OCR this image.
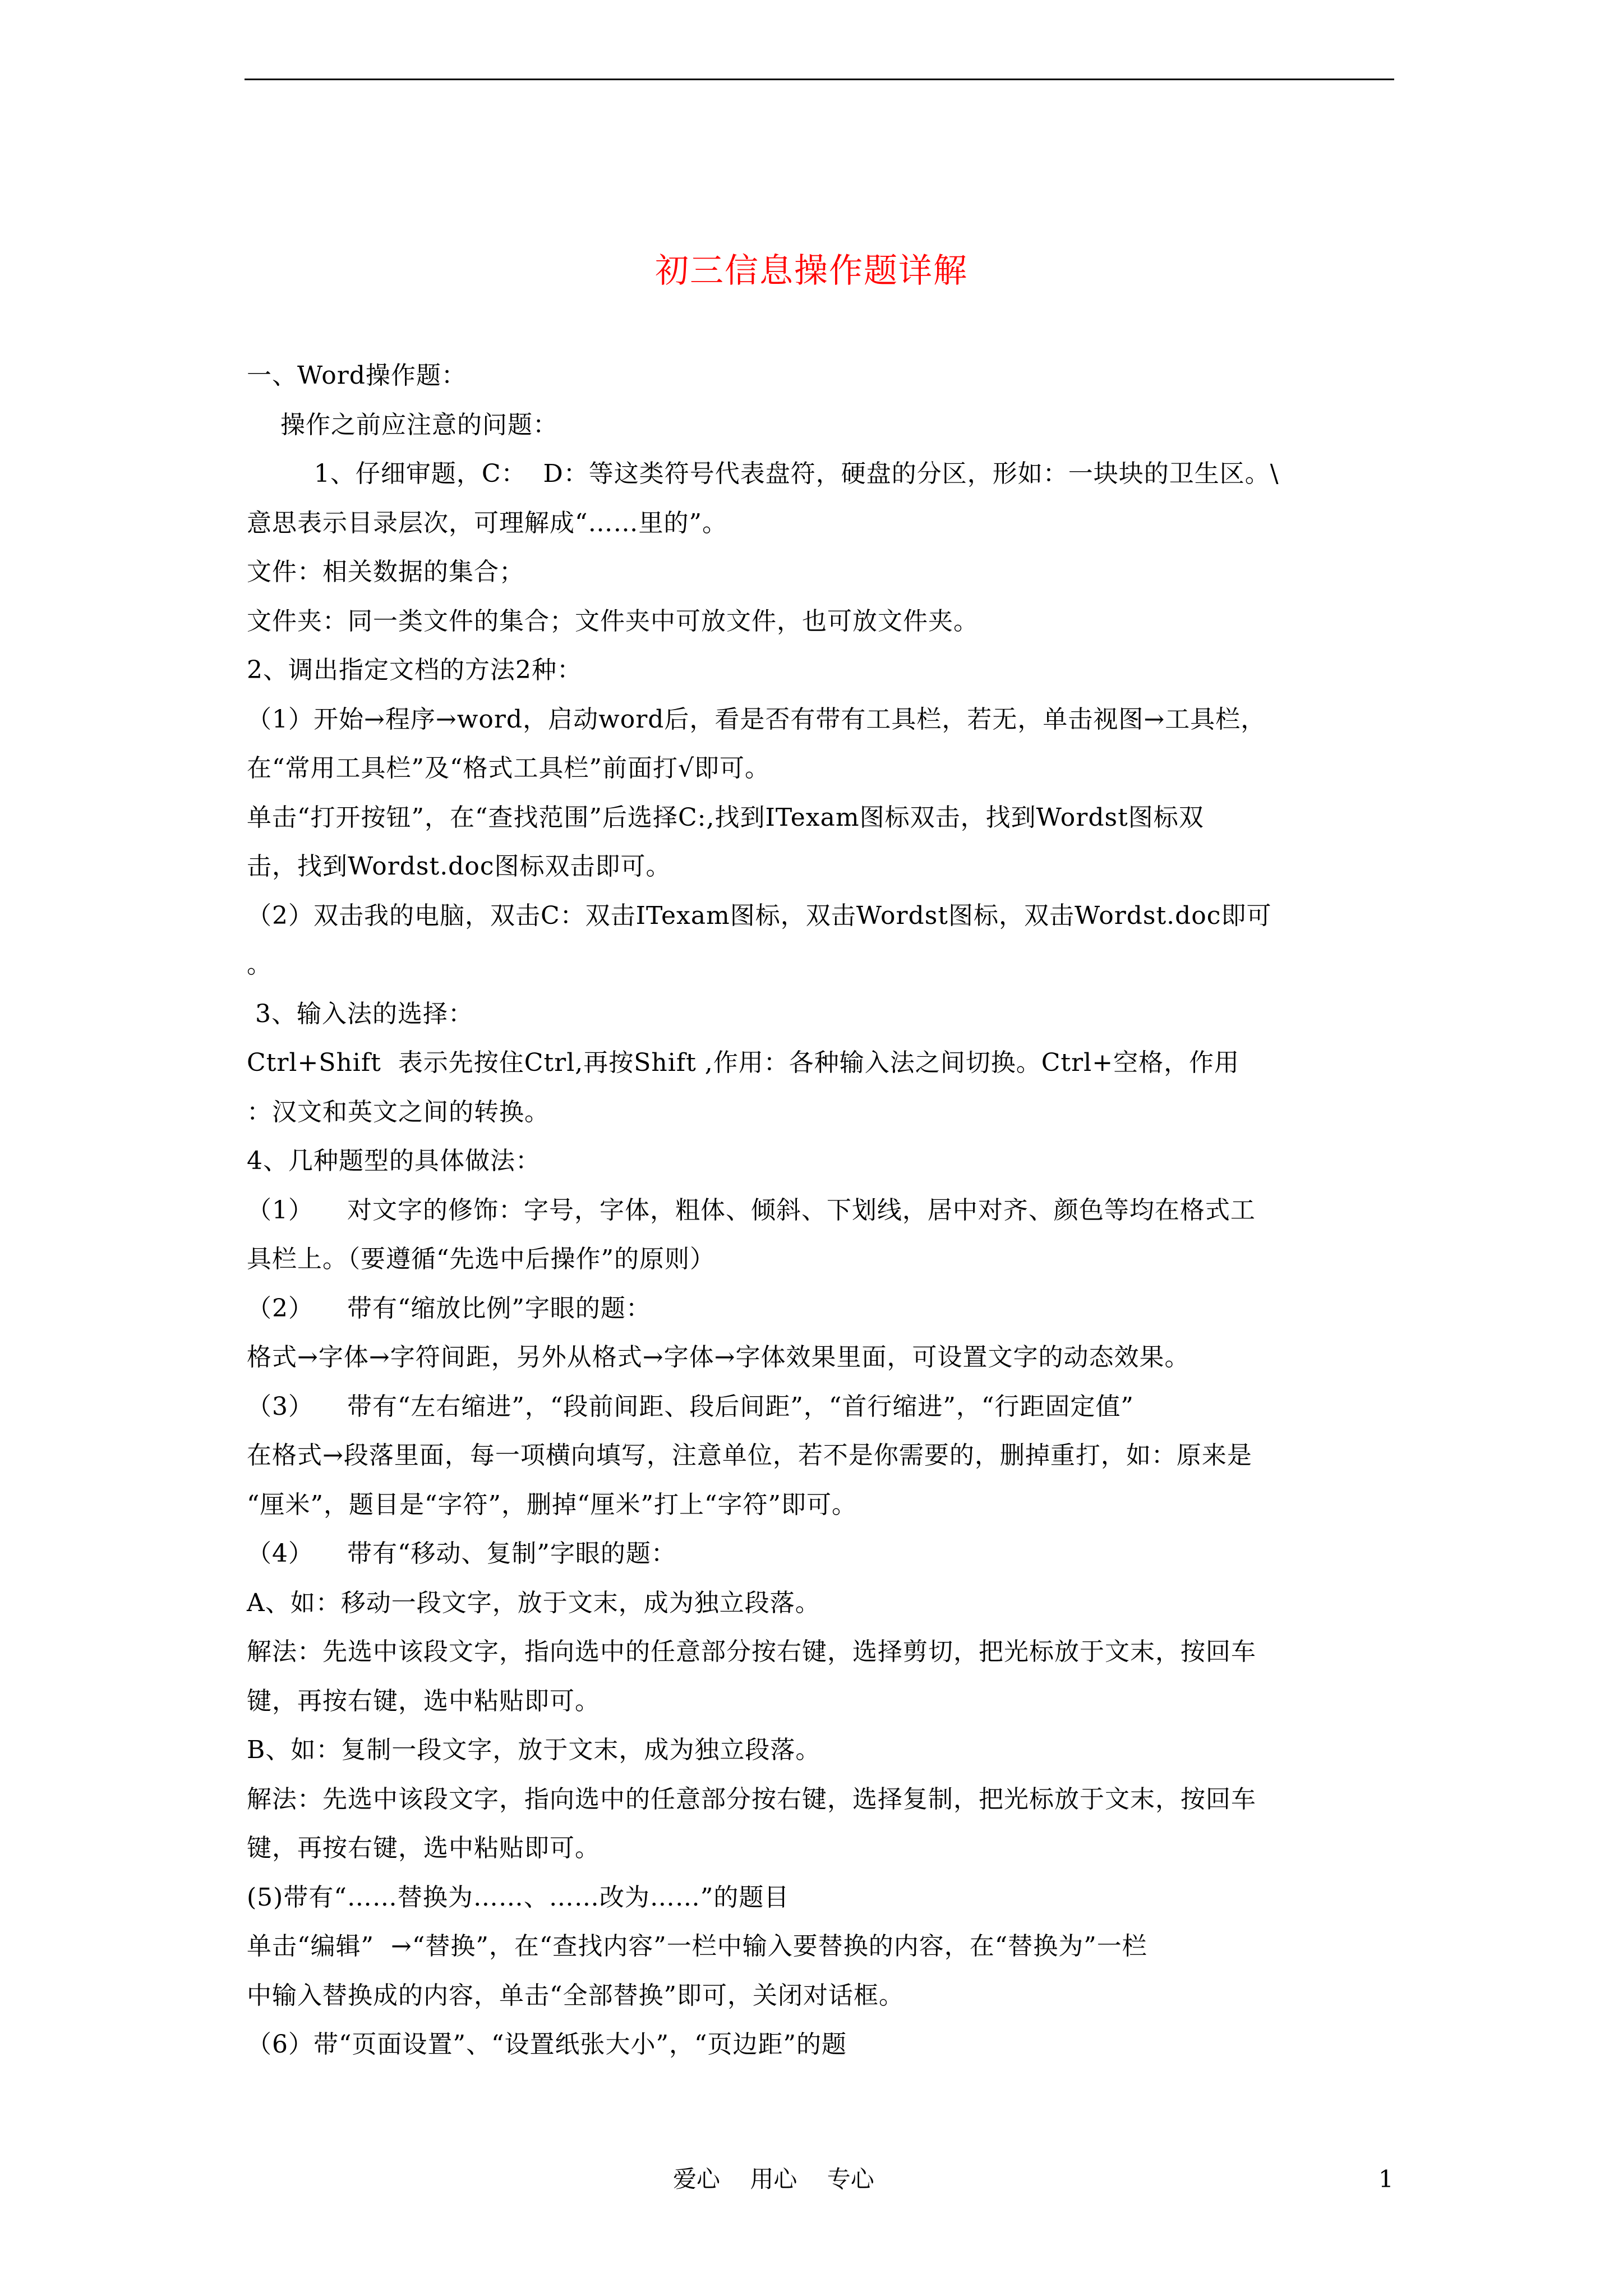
初三信息操作题详解
一、Word操作题：
操作之前应注意的问题：
1、仔细审题，C：  D：等这类符号代表盘符，硬盘的分区，形如：一块块的卫生区。\
意思表示目录层次，可理解成“……里的”。
文件：相关数据的集合；
文件夹：同一类文件的集合；文件夹中可放文件，也可放文件夹。
2、调出指定文档的方法2种：
（1）开始→程序→word，启动word后，看是否有带有工具栏，若无，单击视图→工具栏，
在“常用工具栏”及“格式工具栏”前面打√即可。
单击“打开按钮”，在“查找范围”后选择C:,找到ITexam图标双击，找到Wordst图标双
击，找到Wordst.doc图标双击即可。
（2）双击我的电脑，双击C：双击ITexam图标，双击Wordst图标，双击Wordst.doc即可
。
3、输入法的选择：
Ctrl+Shift  表示先按住Ctrl,再按Shift ,作用：各种输入法之间切换。Ctrl+空格，作用
：汉文和英文之间的转换。
4、几种题型的具体做法：
（1）    对文字的修饰：字号，字体，粗体、倾斜、下划线，居中对齐、颜色等均在格式工
具栏上。（要遵循“先选中后操作”的原则）
（2）    带有“缩放比例”字眼的题：
格式→字体→字符间距，另外从格式→字体→字体效果里面，可设置文字的动态效果。
（3）    带有“左右缩进”，“段前间距、段后间距”，“首行缩进”，“行距固定值”
在格式→段落里面，每一项横向填写，注意单位，若不是你需要的，删掉重打，如：原来是
“厘米”，题目是“字符”，删掉“厘米”打上“字符”即可。
（4）    带有“移动、复制”字眼的题：
A、如：移动一段文字，放于文末，成为独立段落。
解法：先选中该段文字，指向选中的任意部分按右键，选择剪切，把光标放于文末，按回车
键，再按右键，选中粘贴即可。
B、如：复制一段文字，放于文末，成为独立段落。
解法：先选中该段文字，指向选中的任意部分按右键，选择复制，把光标放于文末，按回车
键，再按右键，选中粘贴即可。
(5)带有“……替换为……、……改为……”的题目
单击“编辑”  →“替换”，在“查找内容”一栏中输入要替换的内容，在“替换为”一栏
中输入替换成的内容，单击“全部替换”即可，关闭对话框。
（6）带“页面设置”、“设置纸张大小”，“页边距”的题
爱心    用心    专心	1
